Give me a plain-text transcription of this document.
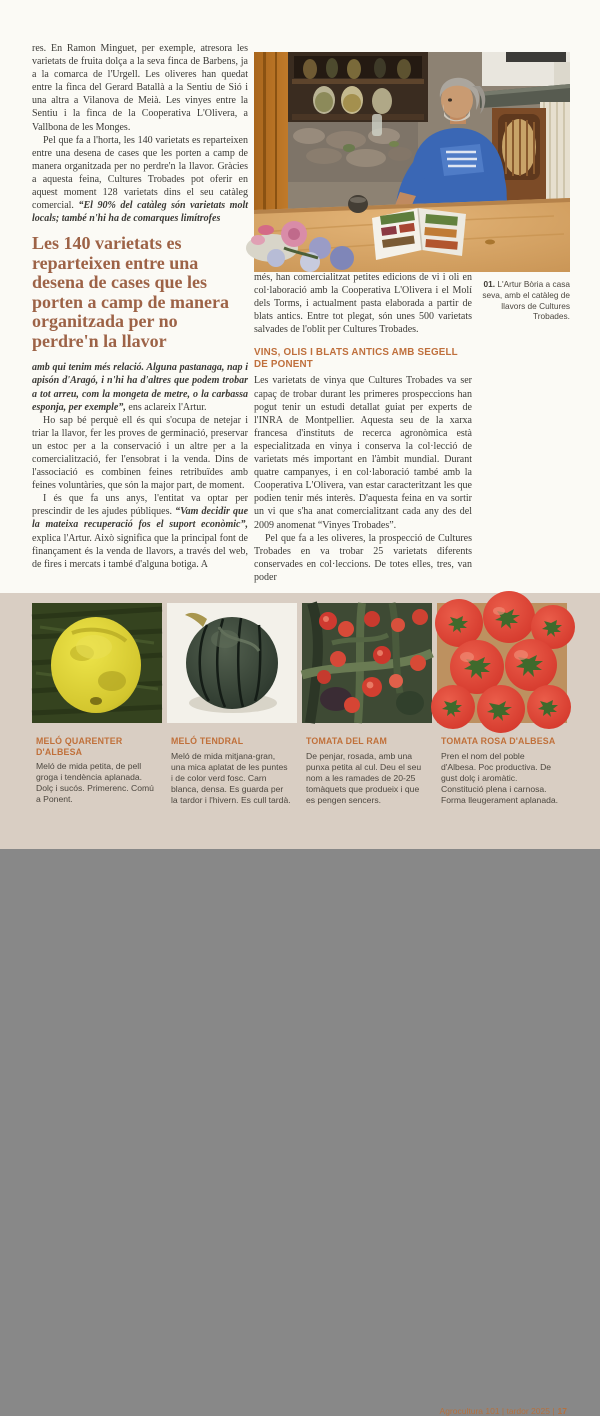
res. En Ramon Minguet, per exemple, atresora les varietats de fruita dolça a la seva finca de Barbens, ja a la comarca de l'Urgell. Les oliveres han quedat entre la finca del Gerard Batallà a la Sentiu de Sió i una altra a Vilanova de Meià. Les vinyes entre la Sentiu i la finca de la Cooperativa L'Olivera, a Vallbona de les Monges.

Pel que fa a l'horta, les 140 varietats es reparteixen entre una desena de cases que les porten a camp de manera organitzada per no perdre'n la llavor. Gràcies a aquesta feina, Cultures Trobades pot oferir en aquest moment 128 varietats dins el seu catàleg comercial. “El 90% del catàleg són varietats molt locals; també n'hi ha de comarques limítrofes

Les 140 varietats es reparteixen entre una desena de cases que les porten a camp de manera organitzada per no perdre'n la llavor

amb qui tenim més relació. Alguna pastanaga, nap i apisón d'Aragó, i n'hi ha d'altres que podem trobar a tot arreu, com la mongeta de metre, o la carbassa esponja, per exemple”, ens aclareix l'Artur.

Ho sap bé perquè ell és qui s'ocupa de netejar i triar la llavor, fer les proves de germinació, preservar un estoc per a la conservació i un altre per a la comercialització, fer l'ensobrat i la venda. Dins de l'associació es combinen feines retribuïdes amb feines voluntàries, que són la major part, de moment.

I és que fa uns anys, l'entitat va optar per prescindir de les ajudes públiques. “Vam decidir que la mateixa recuperació fos el suport econòmic”, explica l'Artur. Això significa que la principal font de finançament és la venda de llavors, a través del web, de fires i mercats i també d'alguna botiga. A

01. L'Artur Bòria a casa seva, amb el catàleg de llavors de Cultures Trobades.

més, han comercialitzat petites edicions de vi i oli en col·laboració amb la Cooperativa L'Olivera i el Molí dels Torms, i actualment pasta elaborada a partir de blats antics. Entre tot plegat, són unes 500 varietats salvades de l'oblit per Cultures Trobades.

VINS, OLIS I BLATS ANTICS AMB SEGELL DE PONENT

Les varietats de vinya que Cultures Trobades va ser capaç de trobar durant les primeres prospeccions han pogut tenir un estudi detallat guiat per experts de l'INRA de Montpellier. Aquesta seu de la xarxa francesa d'instituts de recerca agronòmica està especialitzada en vinya i conserva la col·lecció de varietats més important en l'àmbit mundial. Durant quatre campanyes, i en col·laboració també amb la Cooperativa L'Olivera, van estar caracteritzant les que podien tenir més interès. D'aquesta feina en va sortir un vi que s'ha anat comercialitzant cada any des del 2009 anomenat “Vinyes Trobades”.

Pel que fa a les oliveres, la prospecció de Cultures Trobades en va trobar 25 varietats diferents conservades en col·leccions. De totes elles, tres, van poder

MELÓ QUARENTER D'ALBESA

Meló de mida petita, de pell groga i tendència aplanada. Dolç i sucós. Primerenc. Comú a Ponent.

MELÓ TENDRAL

Meló de mida mitjana-gran, una mica aplatat de les puntes i de color verd fosc. Carn blanca, densa. Es guarda per la tardor i l'hivern. Es cull tardà.

TOMATA DEL RAM

De penjar, rosada, amb una punxa petita al cul. Deu el seu nom a les ramades de 20-25 tomàquets que produeix i que es pengen sencers.

TOMATA ROSA D'ALBESA

Pren el nom del poble d'Albesa. Poc productiva. De gust dolç i aromàtic. Constitució plena i carnosa. Forma lleugerament aplanada.

Agrocultura 101 | tardor 2025 | 17
